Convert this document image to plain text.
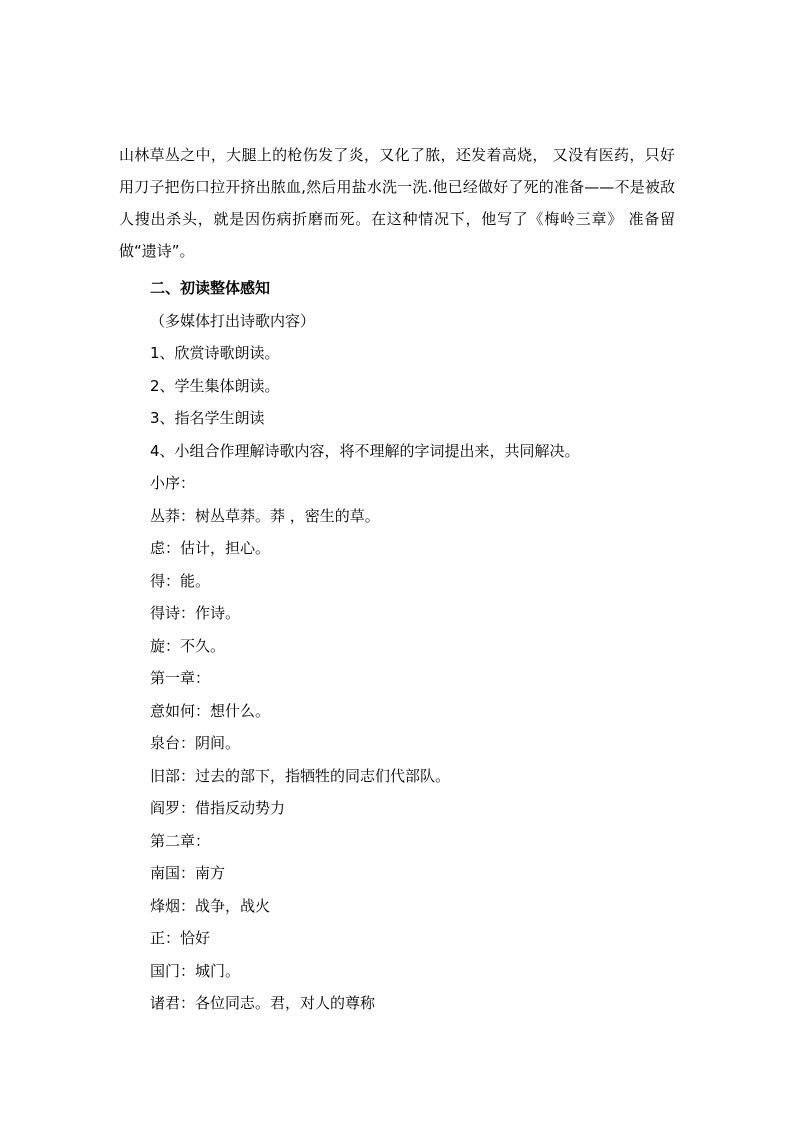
山林草丛之中，大腿上的枪伤发了炎，又化了脓，还发着高烧， 又没有医药，只好用刀子把伤口拉开挤出脓血,然后用盐水洗一洗.他已经做好了死的准备——不是被敌人搜出杀头，就是因伤病折磨而死。在这种情况下，他写了《梅岭三章》 准备留做“遗诗”。
二、初读整体感知
（多媒体打出诗歌内容）
1、欣赏诗歌朗读。
2、学生集体朗读。
3、指名学生朗读
4、小组合作理解诗歌内容，将不理解的字词提出来，共同解决。
小序：
丛莽：树丛草莽。莽 ，密生的草。
虑：估计，担心。
得：能。
得诗：作诗。
旋：不久。
第一章：
意如何：想什么。
泉台：阴间。
旧部：过去的部下，指牺牲的同志们代部队。
阎罗：借指反动势力
第二章：
南国：南方
烽烟：战争，战火
正：恰好
国门：城门。
诸君：各位同志。君，对人的尊称
